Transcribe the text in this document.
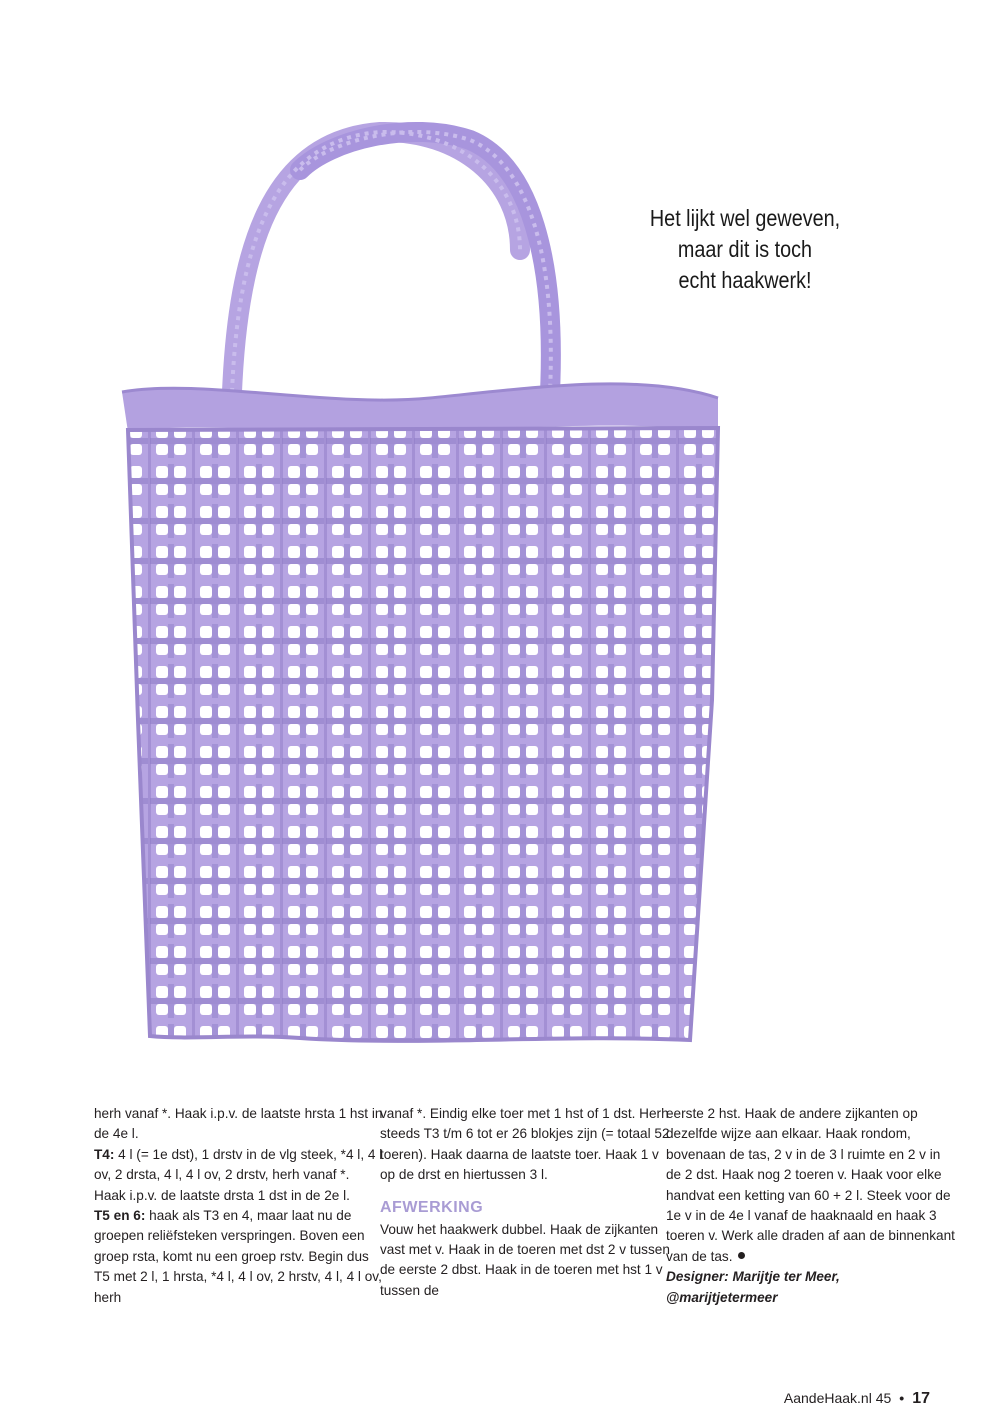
Het lijkt wel geweven,
maar dit is toch
echt haakwerk!

herh vanaf *. Haak i.p.v. de laatste hrsta 1 hst in de 4e l.

T4: 4 l (= 1e dst), 1 drstv in de vlg steek, *4 l, 4 l ov, 2 drsta, 4 l, 4 l ov, 2 drstv, herh vanaf *. Haak i.p.v. de laatste drsta 1 dst in de 2e l.

T5 en 6: haak als T3 en 4, maar laat nu de groepen reliëfsteken verspringen. Boven een groep rsta, komt nu een groep rstv. Begin dus T5 met 2 l, 1 hrsta, *4 l, 4 l ov, 2 hrstv, 4 l, 4 l ov, herh

vanaf *. Eindig elke toer met 1 hst of 1 dst. Herh steeds T3 t/m 6 tot er 26 blokjes zijn (= totaal 52 toeren). Haak daarna de laatste toer. Haak 1 v op de drst en hiertussen 3 l.

AFWERKING

Vouw het haakwerk dubbel. Haak de zijkanten vast met v. Haak in de toeren met dst 2 v tussen de eerste 2 dbst. Haak in de toeren met hst 1 v tussen de

eerste 2 hst. Haak de andere zijkanten op dezelfde wijze aan elkaar. Haak rondom, bovenaan de tas, 2 v in de 3 l ruimte en 2 v in de 2 dst. Haak nog 2 toeren v. Haak voor elke handvat een ketting van 60 + 2 l. Steek voor de 1e v in de 4e l vanaf de haaknaald en haak 3 toeren v. Werk alle draden af aan de binnenkant van de tas.

Designer: Marijtje ter Meer,

@marijtjetermeer

AandeHaak.nl 45 • 17
